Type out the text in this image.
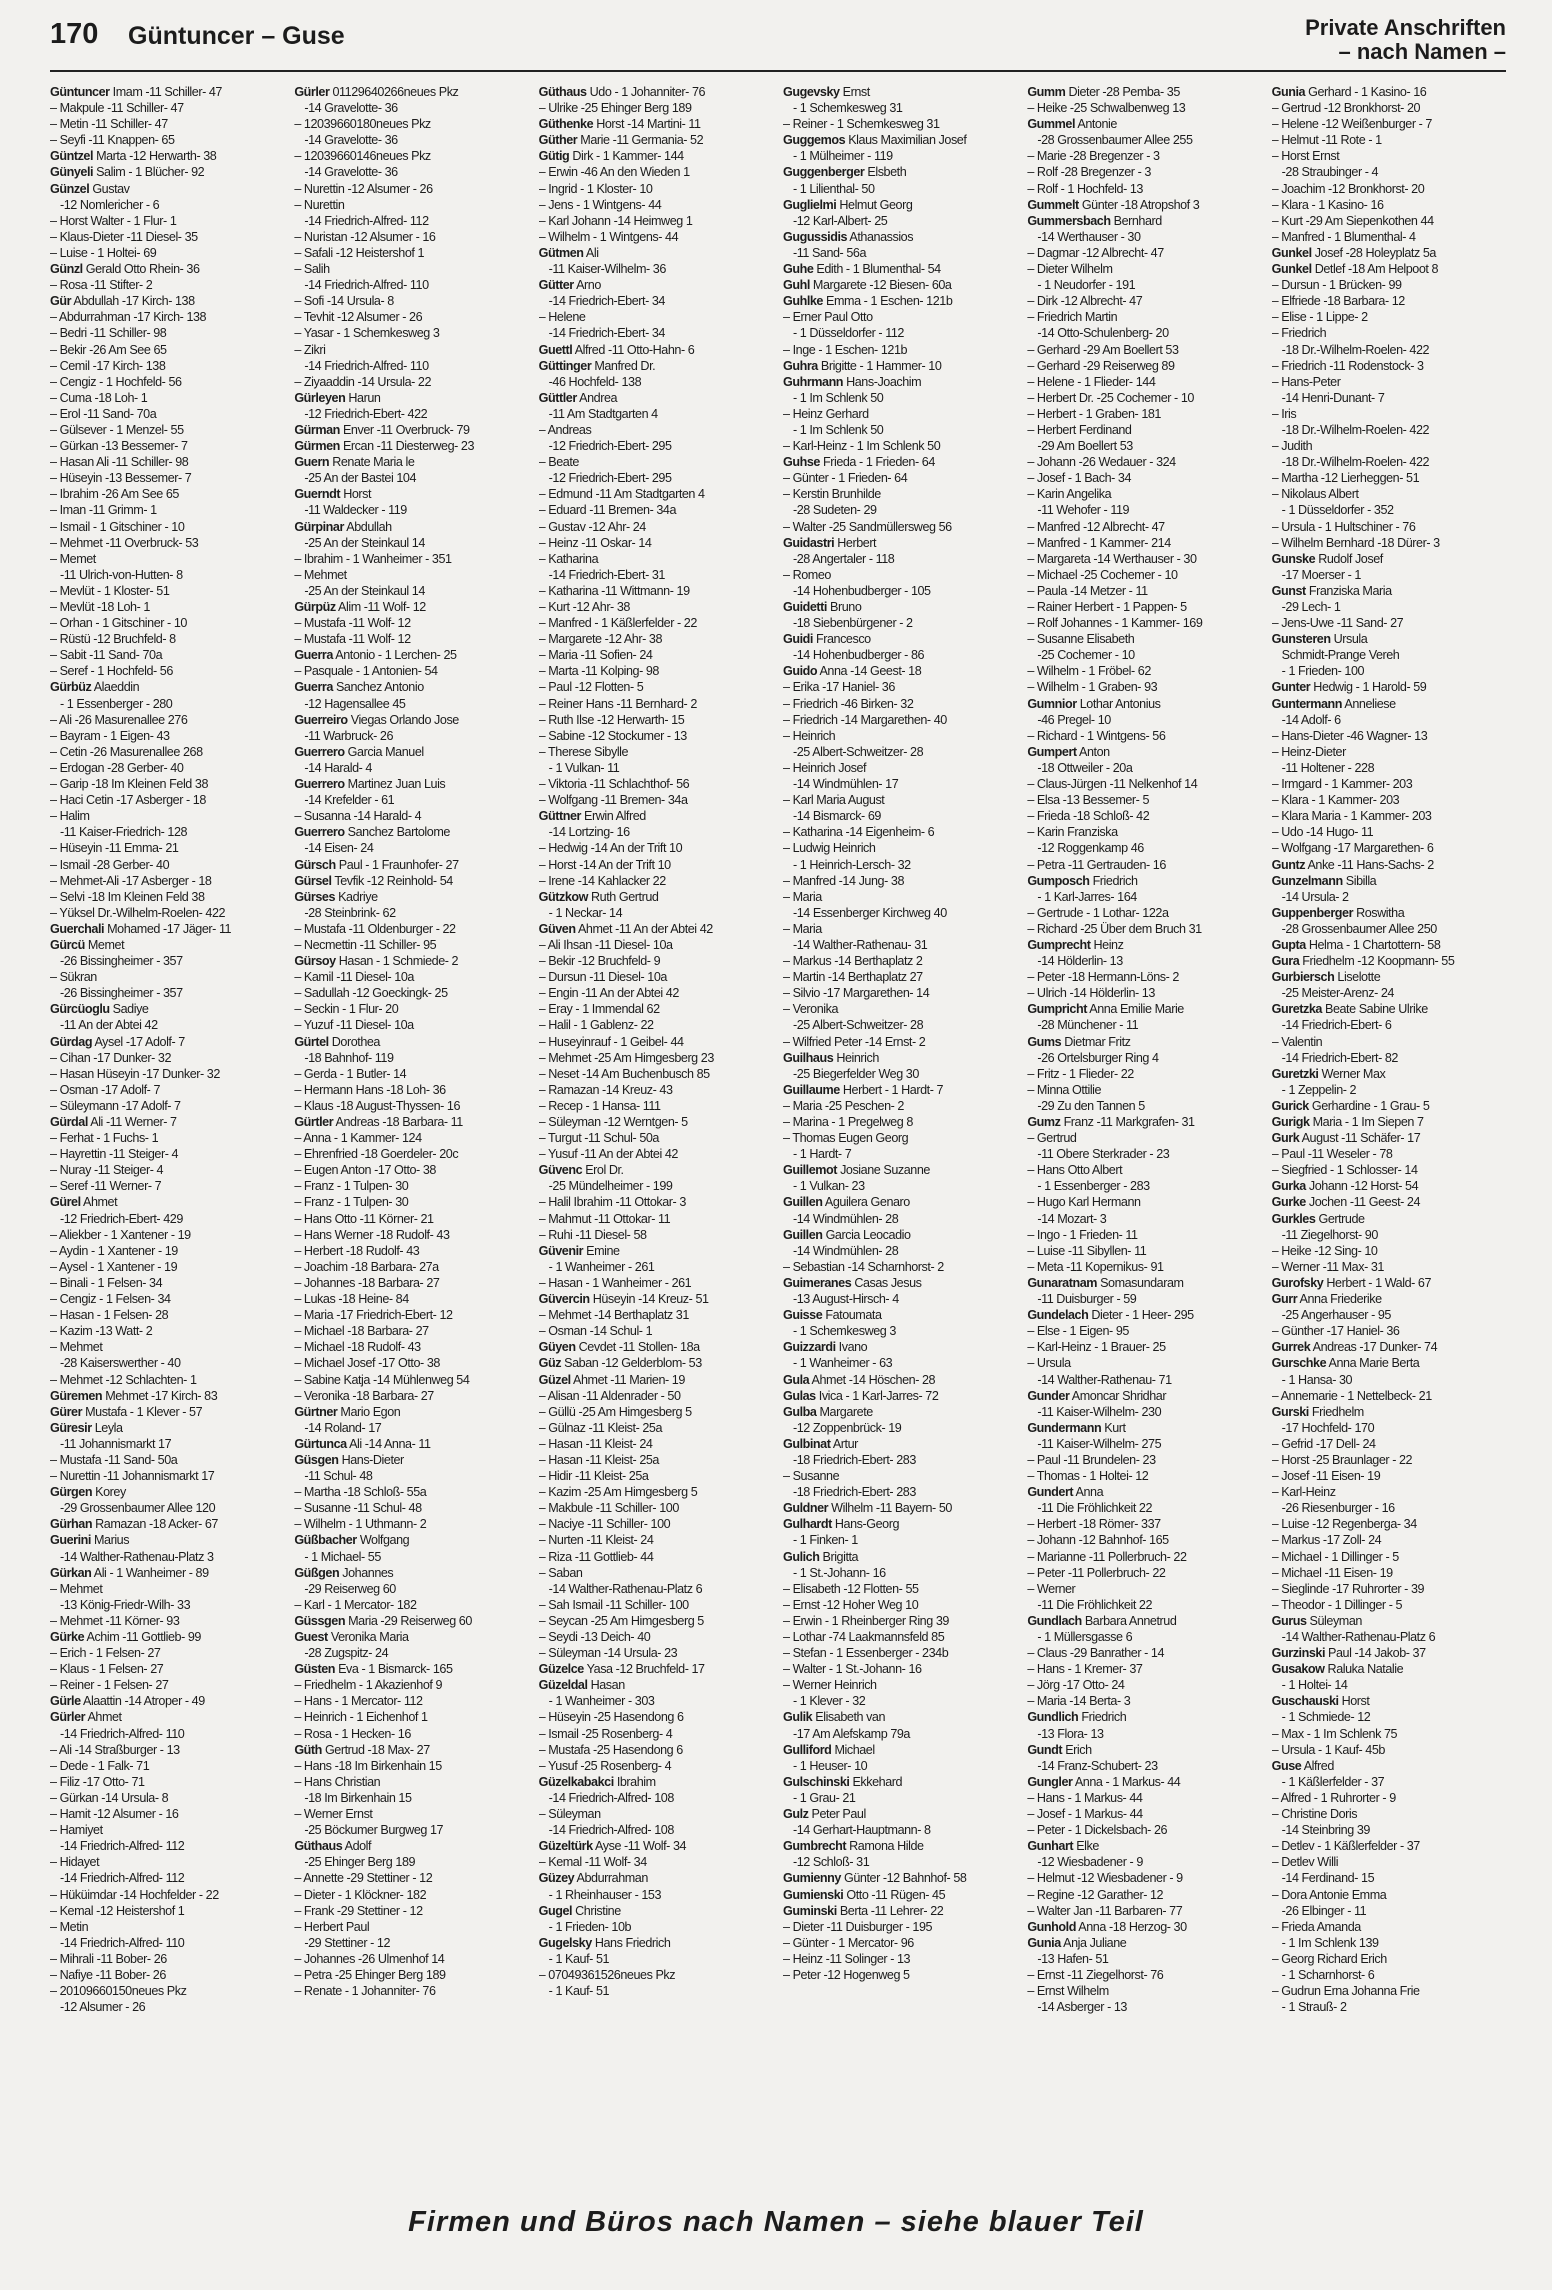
170 Güntuncer – Guse	Private Anschriften
– nach Namen –
Güntuncer Imam -11 Schiller- 47
– Makpule -11 Schiller- 47
– Metin -11 Schiller- 47
– Seyfi -11 Knappen- 65
Güntzel Marta -12 Herwarth- 38
Günyeli Salim - 1 Blücher- 92
Günzel Gustav
-12 Nomlericher - 6
– Horst Walter - 1 Flur- 1
– Klaus-Dieter -11 Diesel- 35
– Luise - 1 Holtei- 69
Günzl Gerald Otto Rhein- 36
– Rosa -11 Stifter- 2
Gür Abdullah -17 Kirch- 138
– Abdurrahman -17 Kirch- 138
– Bedri -11 Schiller- 98
– Bekir -26 Am See 65
– Cemil -17 Kirch- 138
– Cengiz - 1 Hochfeld- 56
– Cuma -18 Loh- 1
– Erol -11 Sand- 70a
– Gülsever - 1 Menzel- 55
– Gürkan -13 Bessemer- 7
– Hasan Ali -11 Schiller- 98
– Hüseyin -13 Bessemer- 7
– Ibrahim -26 Am See 65
– Iman -11 Grimm- 1
– Ismail - 1 Gitschiner - 10
– Mehmet -11 Overbruck- 53
– Memet
-11 Ulrich-von-Hutten- 8
– Mevlüt - 1 Kloster- 51
– Mevlüt -18 Loh- 1
– Orhan - 1 Gitschiner - 10
– Rüstü -12 Bruchfeld- 8
– Sabit -11 Sand- 70a
– Seref - 1 Hochfeld- 56
Gürbüz Alaeddin
- 1 Essenberger - 280
– Ali -26 Masurenallee 276
– Bayram - 1 Eigen- 43
– Cetin -26 Masurenallee 268
– Erdogan -28 Gerber- 40
– Garip -18 Im Kleinen Feld 38
– Haci Cetin -17 Asberger - 18
– Halim
-11 Kaiser-Friedrich- 128
– Hüseyin -11 Emma- 21
– Ismail -28 Gerber- 40
– Mehmet-Ali -17 Asberger - 18
– Selvi -18 Im Kleinen Feld 38
– Yüksel Dr.-Wilhelm-Roelen- 422
Guerchali Mohamed -17 Jäger- 11
Gürcü Memet
-26 Bissingheimer - 357
– Sükran
-26 Bissingheimer - 357
Gürcüoglu Sadiye
-11 An der Abtei 42
Gürdag Aysel -17 Adolf- 7
– Cihan -17 Dunker- 32
– Hasan Hüseyin -17 Dunker- 32
– Osman -17 Adolf- 7
– Süleymann -17 Adolf- 7
Gürdal Ali -11 Werner- 7
– Ferhat - 1 Fuchs- 1
– Hayrettin -11 Steiger- 4
– Nuray -11 Steiger- 4
– Seref -11 Werner- 7
Gürel Ahmet
-12 Friedrich-Ebert- 429
– Aliekber - 1 Xantener - 19
– Aydin - 1 Xantener - 19
– Aysel - 1 Xantener - 19
– Binali - 1 Felsen- 34
– Cengiz - 1 Felsen- 34
– Hasan - 1 Felsen- 28
– Kazim -13 Watt- 2
– Mehmet
-28 Kaiserswerther - 40
– Mehmet -12 Schlachten- 1
Güremen Mehmet -17 Kirch- 83
Gürer Mustafa - 1 Klever - 57
Güresir Leyla
-11 Johannismarkt 17
– Mustafa -11 Sand- 50a
– Nurettin -11 Johannismarkt 17
Gürgen Korey
-29 Grossenbaumer Allee 120
Gürhan Ramazan -18 Acker- 67
Guerini Marius
-14 Walther-Rathenau-Platz 3
Gürkan Ali - 1 Wanheimer - 89
– Mehmet
-13 König-Friedr-Wilh- 33
– Mehmet -11 Körner- 93
Gürke Achim -11 Gottlieb- 99
– Erich - 1 Felsen- 27
– Klaus - 1 Felsen- 27
– Reiner - 1 Felsen- 27
Gürle Alaattin -14 Atroper - 49
Gürler Ahmet
-14 Friedrich-Alfred- 110
– Ali -14 Straßburger - 13
– Dede - 1 Falk- 71
– Filiz -17 Otto- 71
– Gürkan -14 Ursula- 8
– Hamit -12 Alsumer - 16
– Hamiyet
-14 Friedrich-Alfred- 112
– Hidayet
-14 Friedrich-Alfred- 112
– Hüküimdar -14 Hochfelder - 22
– Kemal -12 Heistershof 1
– Metin
-14 Friedrich-Alfred- 110
– Mihrali -11 Bober- 26
– Nafiye -11 Bober- 26
– 20109660150neues Pkz
-12 Alsumer - 26
Gürler 01129640266neues Pkz
-14 Gravelotte- 36
– 12039660180neues Pkz
-14 Gravelotte- 36
– 12039660146neues Pkz
-14 Gravelotte- 36
– Nurettin -12 Alsumer - 26
– Nurettin
-14 Friedrich-Alfred- 112
– Nuristan -12 Alsumer - 16
– Safali -12 Heistershof 1
– Salih
-14 Friedrich-Alfred- 110
– Sofi -14 Ursula- 8
– Tevhit -12 Alsumer - 26
– Yasar - 1 Schemkesweg 3
– Zikri
-14 Friedrich-Alfred- 110
– Ziyaaddin -14 Ursula- 22
Gürleyen Harun
-12 Friedrich-Ebert- 422
Gürman Enver -11 Overbruck- 79
Gürmen Ercan -11 Diesterweg- 23
Guern Renate Maria le
-25 An der Bastei 104
Guerndt Horst
-11 Waldecker - 119
Gürpinar Abdullah
-25 An der Steinkaul 14
– Ibrahim - 1 Wanheimer - 351
– Mehmet
-25 An der Steinkaul 14
Gürpüz Alim -11 Wolf- 12
– Mustafa -11 Wolf- 12
– Mustafa -11 Wolf- 12
Guerra Antonio - 1 Lerchen- 25
– Pasquale - 1 Antonien- 54
Guerra Sanchez Antonio
-12 Hagensallee 45
Guerreiro Viegas Orlando Jose
-11 Warbruck- 26
Guerrero Garcia Manuel
-14 Harald- 4
Guerrero Martinez Juan Luis
-14 Krefelder - 61
– Susanna -14 Harald- 4
Guerrero Sanchez Bartolome
-14 Eisen- 24
Gürsch Paul - 1 Fraunhofer- 27
Gürsel Tevfik -12 Reinhold- 54
Gürses Kadriye
-28 Steinbrink- 62
– Mustafa -11 Oldenburger - 22
– Necmettin -11 Schiller- 95
Gürsoy Hasan - 1 Schmiede- 2
– Kamil -11 Diesel- 10a
– Sadullah -12 Goeckingk- 25
– Seckin - 1 Flur- 20
– Yuzuf -11 Diesel- 10a
Gürtel Dorothea
-18 Bahnhof- 119
– Gerda - 1 Butler- 14
– Hermann Hans -18 Loh- 36
– Klaus -18 August-Thyssen- 16
Gürtler Andreas -18 Barbara- 11
– Anna - 1 Kammer- 124
– Ehrenfried -18 Goerdeler- 20c
– Eugen Anton -17 Otto- 38
– Franz - 1 Tulpen- 30
– Franz - 1 Tulpen- 30
– Hans Otto -11 Körner- 21
– Hans Werner -18 Rudolf- 43
– Herbert -18 Rudolf- 43
– Joachim -18 Barbara- 27a
– Johannes -18 Barbara- 27
– Lukas -18 Heine- 84
– Maria -17 Friedrich-Ebert- 12
– Michael -18 Barbara- 27
– Michael -18 Rudolf- 43
– Michael Josef -17 Otto- 38
– Sabine Katja -14 Mühlenweg 54
– Veronika -18 Barbara- 27
Gürtner Mario Egon
-14 Roland- 17
Gürtunca Ali -14 Anna- 11
Güsgen Hans-Dieter
-11 Schul- 48
– Martha -18 Schloß- 55a
– Susanne -11 Schul- 48
– Wilhelm - 1 Uthmann- 2
Güßbacher Wolfgang
- 1 Michael- 55
Güßgen Johannes
-29 Reiserweg 60
– Karl - 1 Mercator- 182
Güssgen Maria -29 Reiserweg 60
Guest Veronika Maria
-28 Zugspitz- 24
Güsten Eva - 1 Bismarck- 165
– Friedhelm - 1 Akazienhof 9
– Hans - 1 Mercator- 112
– Heinrich - 1 Eichenhof 1
– Rosa - 1 Hecken- 16
Güth Gertrud -18 Max- 27
– Hans -18 Im Birkenhain 15
– Hans Christian
-18 Im Birkenhain 15
– Werner Ernst
-25 Böckumer Burgweg 17
Güthaus Adolf
-25 Ehinger Berg 189
– Annette -29 Stettiner - 12
– Dieter - 1 Klöckner- 182
– Frank -29 Stettiner - 12
– Herbert Paul
-29 Stettiner - 12
– Johannes -26 Ulmenhof 14
– Petra -25 Ehinger Berg 189
– Renate - 1 Johanniter- 76
Güthaus Udo - 1 Johanniter- 76
– Ulrike -25 Ehinger Berg 189
Güthenke Horst -14 Martini- 11
Güther Marie -11 Germania- 52
Gütig Dirk - 1 Kammer- 144
– Erwin -46 An den Wieden 1
– Ingrid - 1 Kloster- 10
– Jens - 1 Wintgens- 44
– Karl Johann -14 Heimweg 1
– Wilhelm - 1 Wintgens- 44
Gütmen Ali
-11 Kaiser-Wilhelm- 36
Gütter Arno
-14 Friedrich-Ebert- 34
– Helene
-14 Friedrich-Ebert- 34
Guettl Alfred -11 Otto-Hahn- 6
Güttinger Manfred Dr.
-46 Hochfeld- 138
Güttler Andrea
-11 Am Stadtgarten 4
– Andreas
-12 Friedrich-Ebert- 295
– Beate
-12 Friedrich-Ebert- 295
– Edmund -11 Am Stadtgarten 4
– Eduard -11 Bremen- 34a
– Gustav -12 Ahr- 24
– Heinz -11 Oskar- 14
– Katharina
-14 Friedrich-Ebert- 31
– Katharina -11 Wittmann- 19
– Kurt -12 Ahr- 38
– Manfred - 1 Käßlerfelder - 22
– Margarete -12 Ahr- 38
– Maria -11 Sofien- 24
– Marta -11 Kolping- 98
– Paul -12 Flotten- 5
– Reiner Hans -11 Bernhard- 2
– Ruth Ilse -12 Herwarth- 15
– Sabine -12 Stockumer - 13
– Therese Sibylle
- 1 Vulkan- 11
– Viktoria -11 Schlachthof- 56
– Wolfgang -11 Bremen- 34a
Güttner Erwin Alfred
-14 Lortzing- 16
– Hedwig -14 An der Trift 10
– Horst -14 An der Trift 10
– Irene -14 Kahlacker 22
Gützkow Ruth Gertrud
- 1 Neckar- 14
Güven Ahmet -11 An der Abtei 42
– Ali Ihsan -11 Diesel- 10a
– Bekir -12 Bruchfeld- 9
– Dursun -11 Diesel- 10a
– Engin -11 An der Abtei 42
– Eray - 1 Immendal 62
– Halil - 1 Gablenz- 22
– Huseyinrauf - 1 Geibel- 44
– Mehmet -25 Am Himgesberg 23
– Neset -14 Am Buchenbusch 85
– Ramazan -14 Kreuz- 43
– Recep - 1 Hansa- 111
– Süleyman -12 Werntgen- 5
– Turgut -11 Schul- 50a
– Yusuf -11 An der Abtei 42
Güvenc Erol Dr.
-25 Mündelheimer - 199
– Halil Ibrahim -11 Ottokar- 3
– Mahmut -11 Ottokar- 11
– Ruhi -11 Diesel- 58
Güvenir Emine
- 1 Wanheimer - 261
– Hasan - 1 Wanheimer - 261
Güvercin Hüseyin -14 Kreuz- 51
– Mehmet -14 Berthaplatz 31
– Osman -14 Schul- 1
Güyen Cevdet -11 Stollen- 18a
Güz Saban -12 Gelderblom- 53
Güzel Ahmet -11 Marien- 19
– Alisan -11 Aldenrader - 50
– Güllü -25 Am Himgesberg 5
– Gülnaz -11 Kleist- 25a
– Hasan -11 Kleist- 24
– Hasan -11 Kleist- 25a
– Hidir -11 Kleist- 25a
– Kazim -25 Am Himgesberg 5
– Makbule -11 Schiller- 100
– Naciye -11 Schiller- 100
– Nurten -11 Kleist- 24
– Riza -11 Gottlieb- 44
– Saban
-14 Walther-Rathenau-Platz 6
– Sah Ismail -11 Schiller- 100
– Seycan -25 Am Himgesberg 5
– Seydi -13 Deich- 40
– Süleyman -14 Ursula- 23
Güzelce Yasa -12 Bruchfeld- 17
Güzeldal Hasan
- 1 Wanheimer - 303
– Hüseyin -25 Hasendong 6
– Ismail -25 Rosenberg- 4
– Mustafa -25 Hasendong 6
– Yusuf -25 Rosenberg- 4
Güzelkabakci Ibrahim
-14 Friedrich-Alfred- 108
– Süleyman
-14 Friedrich-Alfred- 108
Güzeltürk Ayse -11 Wolf- 34
– Kemal -11 Wolf- 34
Güzey Abdurrahman
- 1 Rheinhauser - 153
Gugel Christine
- 1 Frieden- 10b
Gugelsky Hans Friedrich
- 1 Kauf- 51
– 07049361526neues Pkz
- 1 Kauf- 51
Gugevsky Ernst
- 1 Schemkesweg 31
– Reiner - 1 Schemkesweg 31
Guggemos Klaus Maximilian Josef
- 1 Mülheimer - 119
Guggenberger Elsbeth
- 1 Lilienthal- 50
Guglielmi Helmut Georg
-12 Karl-Albert- 25
Gugussidis Athanassios
-11 Sand- 56a
Guhe Edith - 1 Blumenthal- 54
Guhl Margarete -12 Biesen- 60a
Guhlke Emma - 1 Eschen- 121b
– Erner Paul Otto
- 1 Düsseldorfer - 112
– Inge - 1 Eschen- 121b
Guhra Brigitte - 1 Hammer- 10
Guhrmann Hans-Joachim
- 1 Im Schlenk 50
– Heinz Gerhard
- 1 Im Schlenk 50
– Karl-Heinz - 1 Im Schlenk 50
Guhse Frieda - 1 Frieden- 64
– Günter - 1 Frieden- 64
– Kerstin Brunhilde
-28 Sudeten- 29
– Walter -25 Sandmüllersweg 56
Guidastri Herbert
-28 Angertaler - 118
– Romeo
-14 Hohenbudberger - 105
Guidetti Bruno
-18 Siebenbürgener - 2
Guidi Francesco
-14 Hohenbudberger - 86
Guido Anna -14 Geest- 18
– Erika -17 Haniel- 36
– Friedrich -46 Birken- 32
– Friedrich -14 Margarethen- 40
– Heinrich
-25 Albert-Schweitzer- 28
– Heinrich Josef
-14 Windmühlen- 17
– Karl Maria August
-14 Bismarck- 69
– Katharina -14 Eigenheim- 6
– Ludwig Heinrich
- 1 Heinrich-Lersch- 32
– Manfred -14 Jung- 38
– Maria
-14 Essenberger Kirchweg 40
– Maria
-14 Walther-Rathenau- 31
– Markus -14 Berthaplatz 2
– Martin -14 Berthaplatz 27
– Silvio -17 Margarethen- 14
– Veronika
-25 Albert-Schweitzer- 28
– Wilfried Peter -14 Ernst- 2
Guilhaus Heinrich
-25 Biegerfelder Weg 30
Guillaume Herbert - 1 Hardt- 7
– Maria -25 Peschen- 2
– Marina - 1 Pregelweg 8
– Thomas Eugen Georg
- 1 Hardt- 7
Guillemot Josiane Suzanne
- 1 Vulkan- 23
Guillen Aguilera Genaro
-14 Windmühlen- 28
Guillen Garcia Leocadio
-14 Windmühlen- 28
– Sebastian -14 Scharnhorst- 2
Guimeranes Casas Jesus
-13 August-Hirsch- 4
Guisse Fatoumata
- 1 Schemkesweg 3
Guizzardi Ivano
- 1 Wanheimer - 63
Gula Ahmet -14 Höschen- 28
Gulas Ivica - 1 Karl-Jarres- 72
Gulba Margarete
-12 Zoppenbrück- 19
Gulbinat Artur
-18 Friedrich-Ebert- 283
– Susanne
-18 Friedrich-Ebert- 283
Guldner Wilhelm -11 Bayern- 50
Gulhardt Hans-Georg
- 1 Finken- 1
Gulich Brigitta
- 1 St.-Johann- 16
– Elisabeth -12 Flotten- 55
– Ernst -12 Hoher Weg 10
– Erwin - 1 Rheinberger Ring 39
– Lothar -74 Laakmannsfeld 85
– Stefan - 1 Essenberger - 234b
– Walter - 1 St.-Johann- 16
– Werner Heinrich
- 1 Klever - 32
Gulik Elisabeth van
-17 Am Alefskamp 79a
Gulliford Michael
- 1 Heuser- 10
Gulschinski Ekkehard
- 1 Grau- 21
Gulz Peter Paul
-14 Gerhart-Hauptmann- 8
Gumbrecht Ramona Hilde
-12 Schloß- 31
Gumienny Günter -12 Bahnhof- 58
Gumienski Otto -11 Rügen- 45
Guminski Berta -11 Lehrer- 22
– Dieter -11 Duisburger - 195
– Günter - 1 Mercator- 96
– Heinz -11 Solinger - 13
– Peter -12 Hogenweg 5
Gumm Dieter -28 Pemba- 35
– Heike -25 Schwalbenweg 13
Gummel Antonie
-28 Grossenbaumer Allee 255
– Marie -28 Bregenzer - 3
– Rolf -28 Bregenzer - 3
– Rolf - 1 Hochfeld- 13
Gummelt Günter -18 Atropshof 3
Gummersbach Bernhard
-14 Werthauser - 30
– Dagmar -12 Albrecht- 47
– Dieter Wilhelm
- 1 Neudorfer - 191
– Dirk -12 Albrecht- 47
– Friedrich Martin
-14 Otto-Schulenberg- 20
– Gerhard -29 Am Boellert 53
– Gerhard -29 Reiserweg 89
– Helene - 1 Flieder- 144
– Herbert Dr. -25 Cochemer - 10
– Herbert - 1 Graben- 181
– Herbert Ferdinand
-29 Am Boellert 53
– Johann -26 Wedauer - 324
– Josef - 1 Bach- 34
– Karin Angelika
-11 Wehofer - 119
– Manfred -12 Albrecht- 47
– Manfred - 1 Kammer- 214
– Margareta -14 Werthauser - 30
– Michael -25 Cochemer - 10
– Paula -14 Metzer - 11
– Rainer Herbert - 1 Pappen- 5
– Rolf Johannes - 1 Kammer- 169
– Susanne Elisabeth
-25 Cochemer - 10
– Wilhelm - 1 Fröbel- 62
– Wilhelm - 1 Graben- 93
Gumnior Lothar Antonius
-46 Pregel- 10
– Richard - 1 Wintgens- 56
Gumpert Anton
-18 Ottweiler - 20a
– Claus-Jürgen -11 Nelkenhof 14
– Elsa -13 Bessemer- 5
– Frieda -18 Schloß- 42
– Karin Franziska
-12 Roggenkamp 46
– Petra -11 Gertrauden- 16
Gumposch Friedrich
- 1 Karl-Jarres- 164
– Gertrude - 1 Lothar- 122a
– Richard -25 Über dem Bruch 31
Gumprecht Heinz
-14 Hölderlin- 13
– Peter -18 Hermann-Löns- 2
– Ulrich -14 Hölderlin- 13
Gumpricht Anna Emilie Marie
-28 Münchener - 11
Gums Dietmar Fritz
-26 Ortelsburger Ring 4
– Fritz - 1 Flieder- 22
– Minna Ottilie
-29 Zu den Tannen 5
Gumz Franz -11 Markgrafen- 31
– Gertrud
-11 Obere Sterkrader - 23
– Hans Otto Albert
- 1 Essenberger - 283
– Hugo Karl Hermann
-14 Mozart- 3
– Ingo - 1 Frieden- 11
– Luise -11 Sibyllen- 11
– Meta -11 Kopernikus- 91
Gunaratnam Somasundaram
-11 Duisburger - 59
Gundelach Dieter - 1 Heer- 295
– Else - 1 Eigen- 95
– Karl-Heinz - 1 Brauer- 25
– Ursula
-14 Walther-Rathenau- 71
Gunder Amoncar Shridhar
-11 Kaiser-Wilhelm- 230
Gundermann Kurt
-11 Kaiser-Wilhelm- 275
– Paul -11 Brundelen- 23
– Thomas - 1 Holtei- 12
Gundert Anna
-11 Die Fröhlichkeit 22
– Herbert -18 Römer- 337
– Johann -12 Bahnhof- 165
– Marianne -11 Pollerbruch- 22
– Peter -11 Pollerbruch- 22
– Werner
-11 Die Fröhlichkeit 22
Gundlach Barbara Annetrud
- 1 Müllersgasse 6
– Claus -29 Banrather - 14
– Hans - 1 Kremer- 37
– Jörg -17 Otto- 24
– Maria -14 Berta- 3
Gundlich Friedrich
-13 Flora- 13
Gundt Erich
-14 Franz-Schubert- 23
Gungler Anna - 1 Markus- 44
– Hans - 1 Markus- 44
– Josef - 1 Markus- 44
– Peter - 1 Dickelsbach- 26
Gunhart Elke
-12 Wiesbadener - 9
– Helmut -12 Wiesbadener - 9
– Regine -12 Garather- 12
– Walter Jan -11 Barbaren- 77
Gunhold Anna -18 Herzog- 30
Gunia Anja Juliane
-13 Hafen- 51
– Ernst -11 Ziegelhorst- 76
– Ernst Wilhelm
-14 Asberger - 13
Gunia Gerhard - 1 Kasino- 16
– Gertrud -12 Bronkhorst- 20
– Helene -12 Weißenburger - 7
– Helmut -11 Rote - 1
– Horst Ernst
-28 Straubinger - 4
– Joachim -12 Bronkhorst- 20
– Klara - 1 Kasino- 16
– Kurt -29 Am Siepenkothen 44
– Manfred - 1 Blumenthal- 4
Gunkel Josef -28 Holeyplatz 5a
Gunkel Detlef -18 Am Helpoot 8
– Dursun - 1 Brücken- 99
– Elfriede -18 Barbara- 12
– Elise - 1 Lippe- 2
– Friedrich
-18 Dr.-Wilhelm-Roelen- 422
– Friedrich -11 Rodenstock- 3
– Hans-Peter
-14 Henri-Dunant- 7
– Iris
-18 Dr.-Wilhelm-Roelen- 422
– Judith
-18 Dr.-Wilhelm-Roelen- 422
– Martha -12 Lierheggen- 51
– Nikolaus Albert
- 1 Düsseldorfer - 352
– Ursula - 1 Hultschiner - 76
– Wilhelm Bernhard -18 Dürer- 3
Gunske Rudolf Josef
-17 Moerser - 1
Gunst Franziska Maria
-29 Lech- 1
– Jens-Uwe -11 Sand- 27
Gunsteren Ursula
Schmidt-Prange Vereh
- 1 Frieden- 100
Gunter Hedwig - 1 Harold- 59
Guntermann Anneliese
-14 Adolf- 6
– Hans-Dieter -46 Wagner- 13
– Heinz-Dieter
-11 Holtener - 228
– Irmgard - 1 Kammer- 203
– Klara - 1 Kammer- 203
– Klara Maria - 1 Kammer- 203
– Udo -14 Hugo- 11
– Wolfgang -17 Margarethen- 6
Guntz Anke -11 Hans-Sachs- 2
Gunzelmann Sibilla
-14 Ursula- 2
Guppenberger Roswitha
-28 Grossenbaumer Allee 250
Gupta Helma - 1 Chartottern- 58
Gura Friedhelm -12 Koopmann- 55
Gurbiersch Liselotte
-25 Meister-Arenz- 24
Guretzka Beate Sabine Ulrike
-14 Friedrich-Ebert- 6
– Valentin
-14 Friedrich-Ebert- 82
Guretzki Werner Max
- 1 Zeppelin- 2
Gurick Gerhardine - 1 Grau- 5
Gurigk Maria - 1 Im Siepen 7
Gurk August -11 Schäfer- 17
– Paul -11 Weseler - 78
– Siegfried - 1 Schlosser- 14
Gurka Johann -12 Horst- 54
Gurke Jochen -11 Geest- 24
Gurkles Gertrude
-11 Ziegelhorst- 90
– Heike -12 Sing- 10
– Werner -11 Max- 31
Gurofsky Herbert - 1 Wald- 67
Gurr Anna Friederike
-25 Angerhauser - 95
– Günther -17 Haniel- 36
Gurrek Andreas -17 Dunker- 74
Gurschke Anna Marie Berta
- 1 Hansa- 30
– Annemarie - 1 Nettelbeck- 21
Gurski Friedhelm
-17 Hochfeld- 170
– Gefrid -17 Dell- 24
– Horst -25 Braunlager - 22
– Josef -11 Eisen- 19
– Karl-Heinz
-26 Riesenburger - 16
– Luise -12 Regenberga- 34
– Markus -17 Zoll- 24
– Michael - 1 Dillinger - 5
– Michael -11 Eisen- 19
– Sieglinde -17 Ruhrorter - 39
– Theodor - 1 Dillinger - 5
Gurus Süleyman
-14 Walther-Rathenau-Platz 6
Gurzinski Paul -14 Jakob- 37
Gusakow Raluka Natalie
- 1 Holtei- 14
Guschauski Horst
- 1 Schmiede- 12
– Max - 1 Im Schlenk 75
– Ursula - 1 Kauf- 45b
Guse Alfred
- 1 Käßlerfelder - 37
– Alfred - 1 Ruhrorter - 9
– Christine Doris
-14 Steinbring 39
– Detlev - 1 Käßlerfelder - 37
– Detlev Willi
-14 Ferdinand- 15
– Dora Antonie Emma
-26 Elbinger - 11
– Frieda Amanda
- 1 Im Schlenk 139
– Georg Richard Erich
- 1 Scharnhorst- 6
– Gudrun Erna Johanna Frie
- 1 Strauß- 2
Firmen und Büros nach Namen – siehe blauer Teil
